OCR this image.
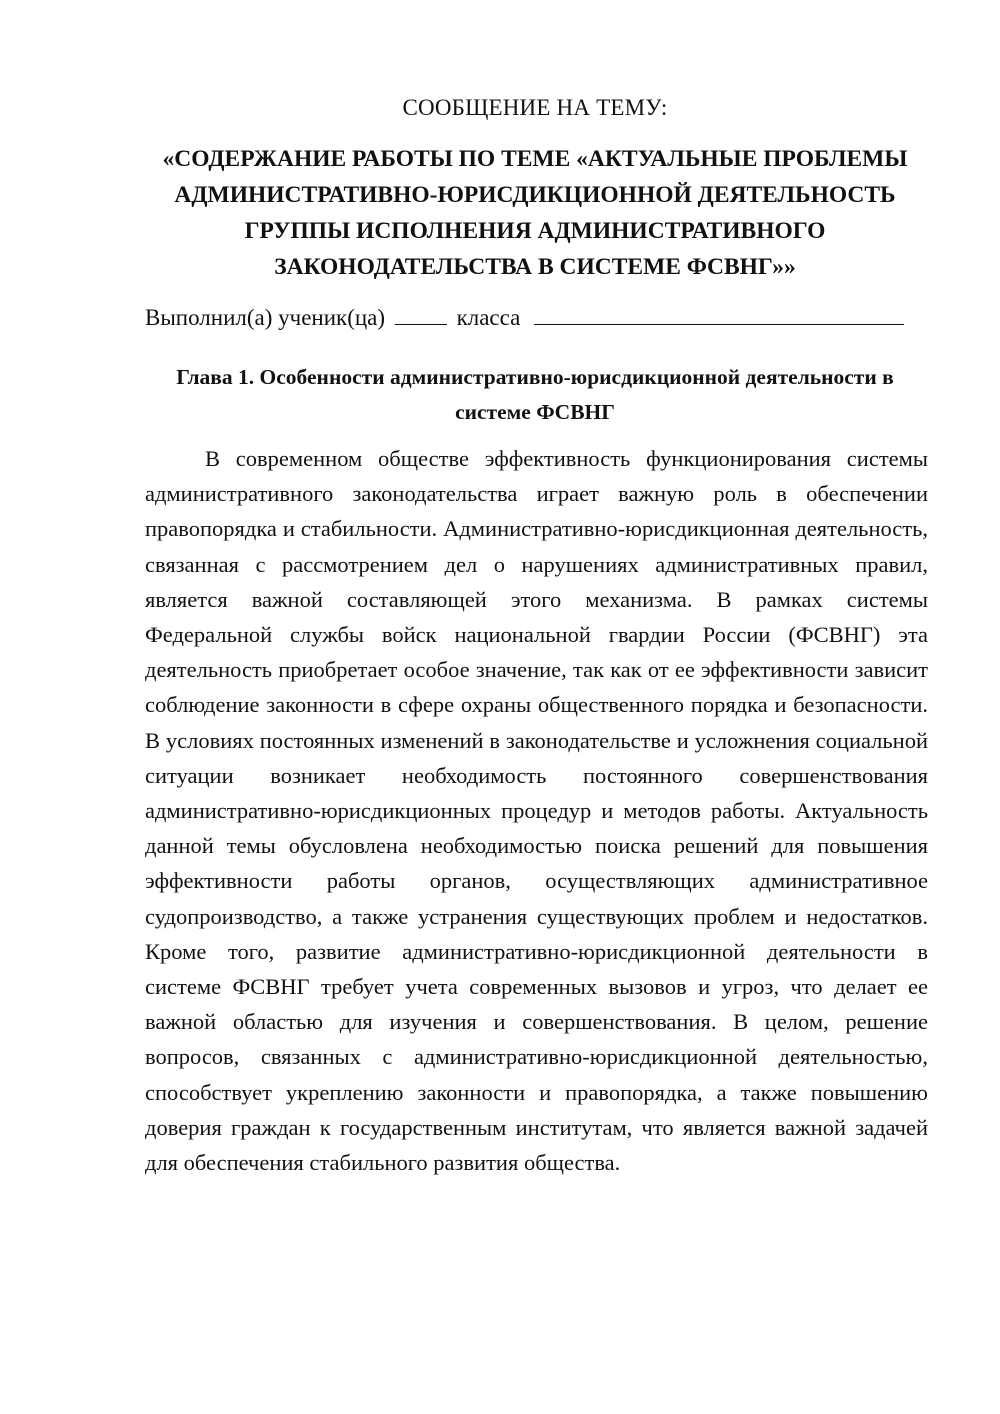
СООБЩЕНИЕ НА ТЕМУ:
«СОДЕРЖАНИЕ РАБОТЫ ПО ТЕМЕ «АКТУАЛЬНЫЕ ПРОБЛЕМЫ АДМИНИСТРАТИВНО-ЮРИСДИКЦИОННОЙ ДЕЯТЕЛЬНОСТЬ ГРУППЫ ИСПОЛНЕНИЯ АДМИНИСТРАТИВНОГО ЗАКОНОДАТЕЛЬСТВА В СИСТЕМЕ ФСВНГ»»
Выполнил(а) ученик(ца)	класса
Глава 1. Особенности административно-юрисдикционной деятельности в системе ФСВНГ

В современном обществе эффективность функционирования системы административного законодательства играет важную роль в обеспечении правопорядка и стабильности. Административно-юрисдикционная деятельность, связанная с рассмотрением дел о нарушениях административных правил, является важной составляющей этого механизма. В рамках системы Федеральной службы войск национальной гвардии России (ФСВНГ) эта деятельность приобретает особое значение, так как от ее эффективности зависит соблюдение законности в сфере охраны общественного порядка и безопасности. В условиях постоянных изменений в законодательстве и усложнения социальной ситуации возникает необходимость постоянного совершенствования административно-юрисдикционных процедур и методов работы. Актуальность данной темы обусловлена необходимостью поиска решений для повышения эффективности работы органов, осуществляющих административное судопроизводство, а также устранения существующих проблем и недостатков. Кроме того, развитие административно-юрисдикционной деятельности в системе ФСВНГ требует учета современных вызовов и угроз, что делает ее важной областью для изучения и совершенствования. В целом, решение вопросов, связанных с административно-юрисдикционной деятельностью, способствует укреплению законности и правопорядка, а также повышению доверия граждан к государственным институтам, что является важной задачей для обеспечения стабильного развития общества.
